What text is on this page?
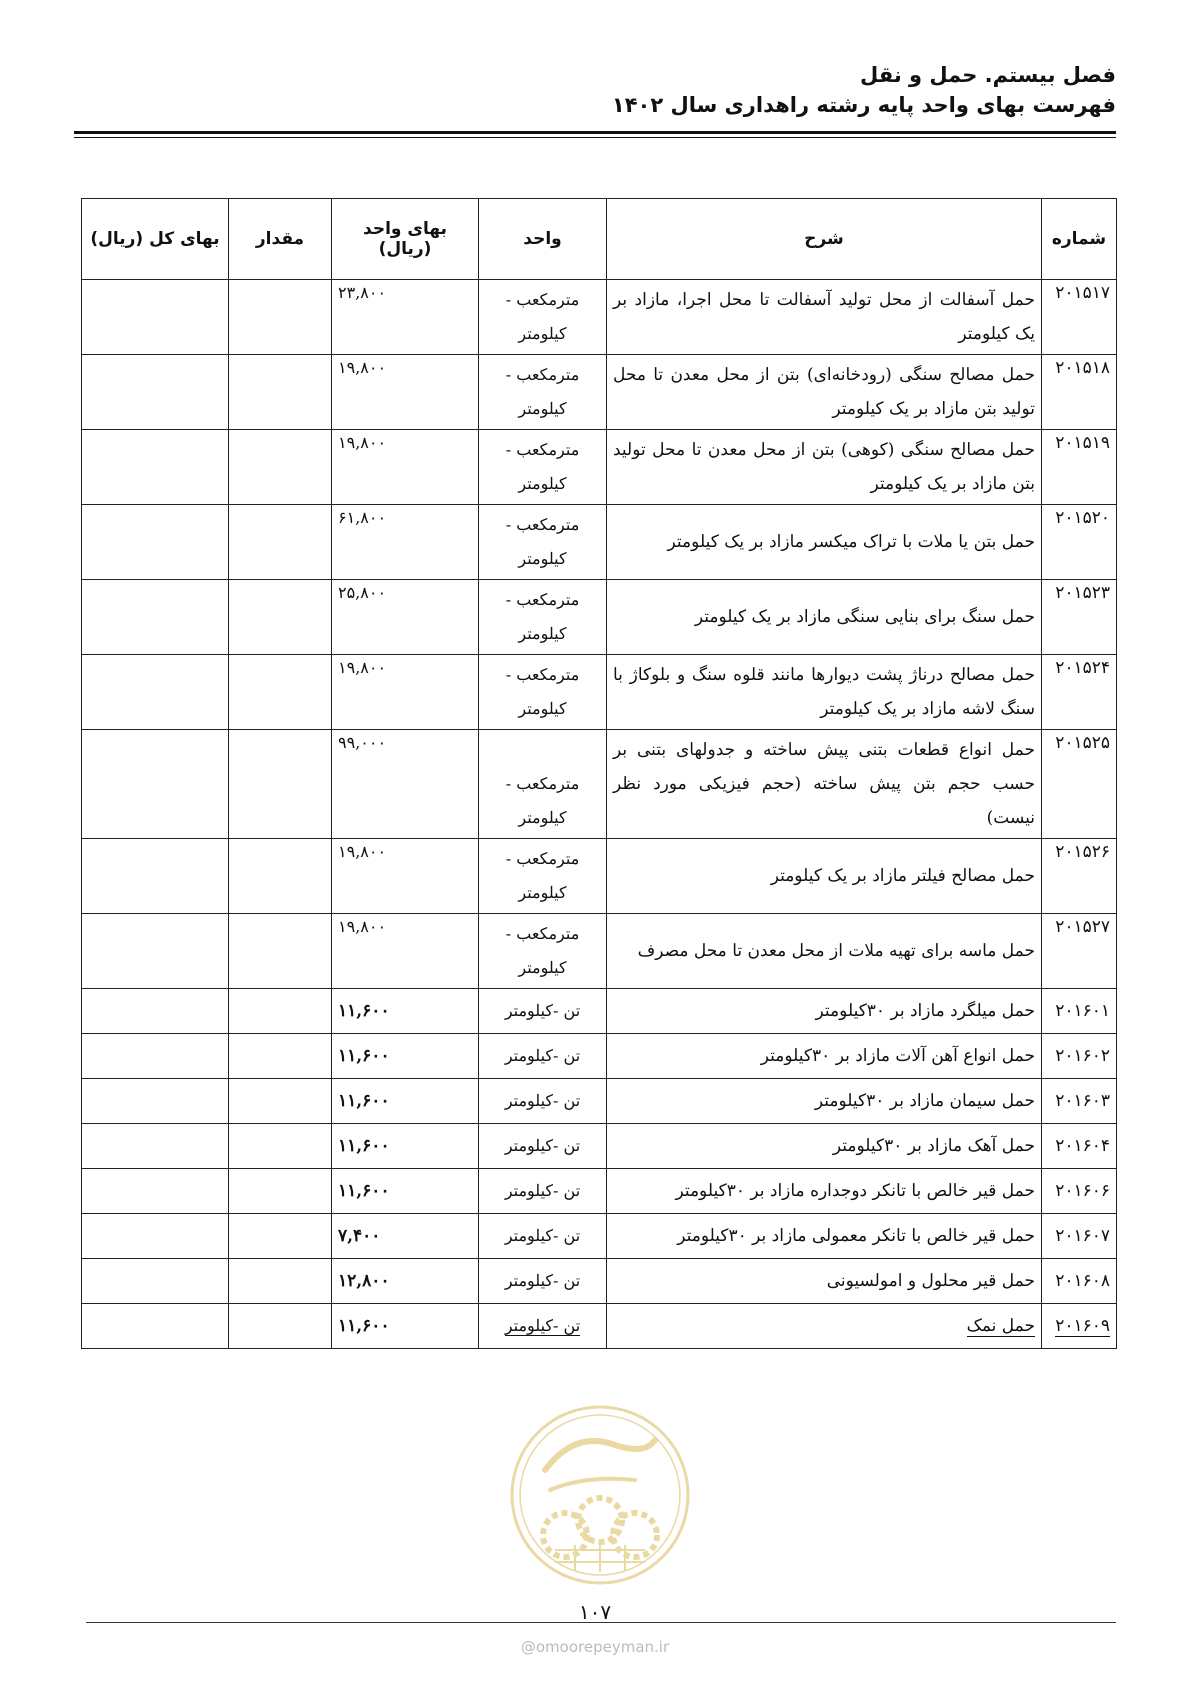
فصل بیستم. حمل و نقل
فهرست بهای واحد پایه رشته راهداری سال ۱۴۰۲
شماره	شرح	واحد	بهای واحد (ریال)	مقدار	بهای کل (ریال)
۲۰۱۵۱۷	حمل آسفالت از محل تولید آسفالت تا محل اجرا، مازاد بر یک کیلومتر	مترمکعب - کیلومتر	۲۳,۸۰۰		
۲۰۱۵۱۸	حمل مصالح سنگی (رودخانه‌ای) بتن از محل معدن تا محل تولید بتن مازاد بر یک کیلومتر	مترمکعب - کیلومتر	۱۹,۸۰۰		
۲۰۱۵۱۹	حمل مصالح سنگی (کوهی) بتن از محل معدن تا محل تولید بتن مازاد بر یک کیلومتر	مترمکعب - کیلومتر	۱۹,۸۰۰		
۲۰۱۵۲۰	حمل بتن یا ملات با تراک میکسر مازاد بر یک کیلومتر	مترمکعب - کیلومتر	۶۱,۸۰۰		
۲۰۱۵۲۳	حمل سنگ برای بنایی سنگی مازاد بر یک کیلومتر	مترمکعب - کیلومتر	۲۵,۸۰۰		
۲۰۱۵۲۴	حمل مصالح درناژ پشت دیوارها مانند قلوه سنگ و بلوکاژ با سنگ لاشه مازاد بر یک کیلومتر	مترمکعب - کیلومتر	۱۹,۸۰۰		
۲۰۱۵۲۵	حمل انواع قطعات بتنی پیش ساخته و جدولهای بتنی بر حسب حجم بتن پیش ساخته (حجم فیزیکی مورد نظر نیست)	مترمکعب - کیلومتر	۹۹,۰۰۰		
۲۰۱۵۲۶	حمل مصالح فیلتر مازاد بر یک کیلومتر	مترمکعب - کیلومتر	۱۹,۸۰۰		
۲۰۱۵۲۷	حمل ماسه برای تهیه ملات از محل معدن تا محل مصرف	مترمکعب - کیلومتر	۱۹,۸۰۰		
۲۰۱۶۰۱	حمل میلگرد مازاد بر ۳۰کیلومتر	تن -کیلومتر	۱۱,۶۰۰		
۲۰۱۶۰۲	حمل انواع آهن آلات مازاد بر ۳۰کیلومتر	تن -کیلومتر	۱۱,۶۰۰		
۲۰۱۶۰۳	حمل سیمان مازاد بر ۳۰کیلومتر	تن -کیلومتر	۱۱,۶۰۰		
۲۰۱۶۰۴	حمل آهک مازاد بر ۳۰کیلومتر	تن -کیلومتر	۱۱,۶۰۰		
۲۰۱۶۰۶	حمل قیر خالص با تانکر دوجداره مازاد بر ۳۰کیلومتر	تن -کیلومتر	۱۱,۶۰۰		
۲۰۱۶۰۷	حمل قیر خالص با تانکر معمولی مازاد بر ۳۰کیلومتر	تن -کیلومتر	۷,۴۰۰		
۲۰۱۶۰۸	حمل قیر محلول و امولسیونی	تن -کیلومتر	۱۲,۸۰۰		
۲۰۱۶۰۹	حمل نمک	تن -کیلومتر	۱۱,۶۰۰		
۱۰۷
@omoorepeyman.ir
